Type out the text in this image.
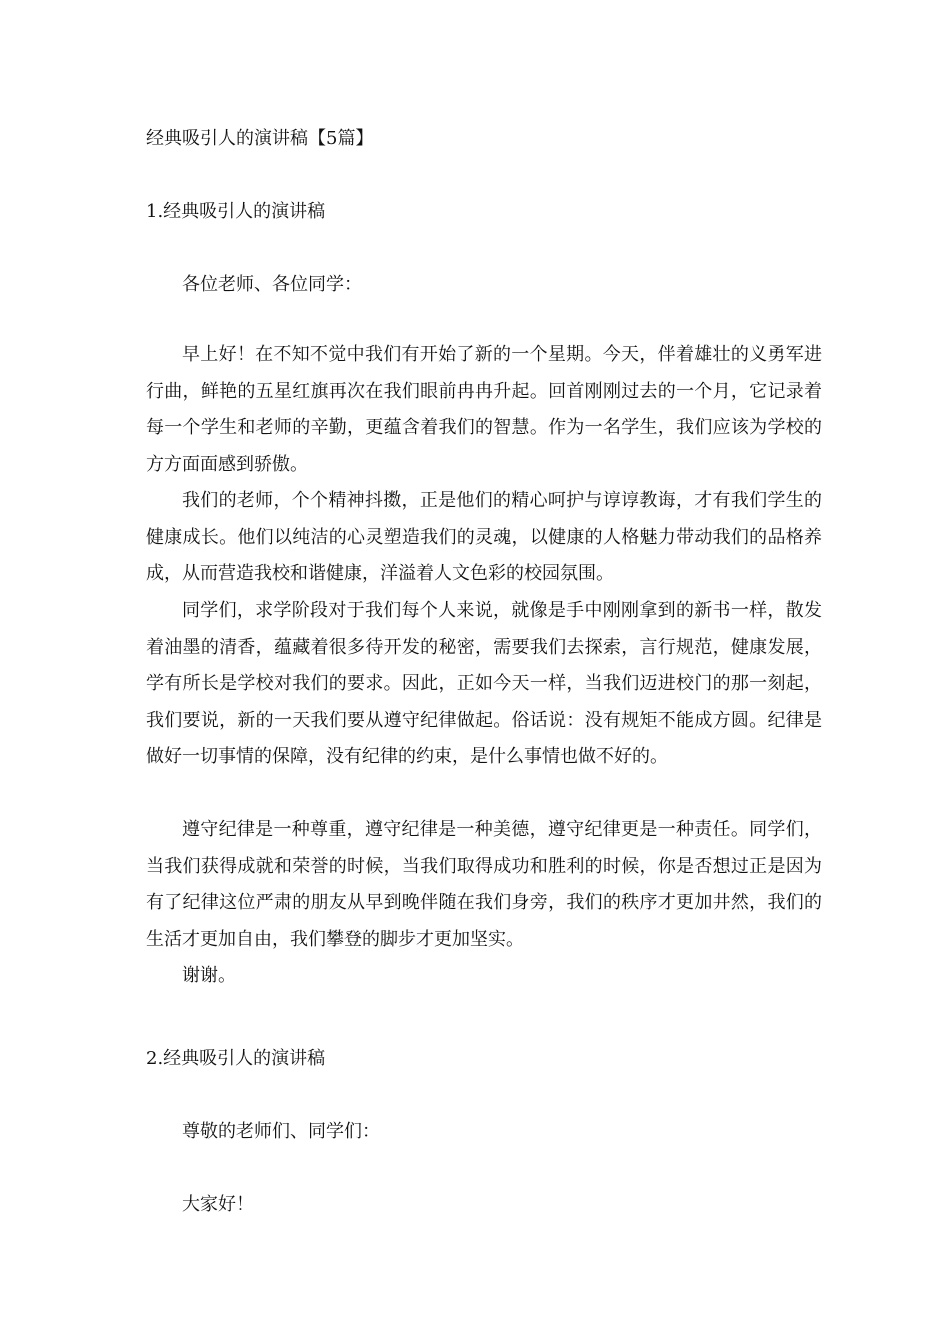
经典吸引人的演讲稿【5篇】
1.经典吸引人的演讲稿
各位老师、各位同学：

早上好！在不知不觉中我们有开始了新的一个星期。今天，伴着雄壮的义勇军进行曲，鲜艳的五星红旗再次在我们眼前冉冉升起。回首刚刚过去的一个月，它记录着每一个学生和老师的辛勤，更蕴含着我们的智慧。作为一名学生，我们应该为学校的方方面面感到骄傲。

我们的老师，个个精神抖擞，正是他们的精心呵护与谆谆教诲，才有我们学生的健康成长。他们以纯洁的心灵塑造我们的灵魂，以健康的人格魅力带动我们的品格养成，从而营造我校和谐健康，洋溢着人文色彩的校园氛围。

同学们，求学阶段对于我们每个人来说，就像是手中刚刚拿到的新书一样，散发着油墨的清香，蕴藏着很多待开发的秘密，需要我们去探索，言行规范，健康发展，学有所长是学校对我们的要求。因此，正如今天一样，当我们迈进校门的那一刻起，我们要说，新的一天我们要从遵守纪律做起。俗话说：没有规矩不能成方圆。纪律是做好一切事情的保障，没有纪律的约束，是什么事情也做不好的。

遵守纪律是一种尊重，遵守纪律是一种美德，遵守纪律更是一种责任。同学们，当我们获得成就和荣誉的时候，当我们取得成功和胜利的时候，你是否想过正是因为有了纪律这位严肃的朋友从早到晚伴随在我们身旁，我们的秩序才更加井然，我们的生活才更加自由，我们攀登的脚步才更加坚实。

谢谢。

2.经典吸引人的演讲稿
尊敬的老师们、同学们：
大家好！
